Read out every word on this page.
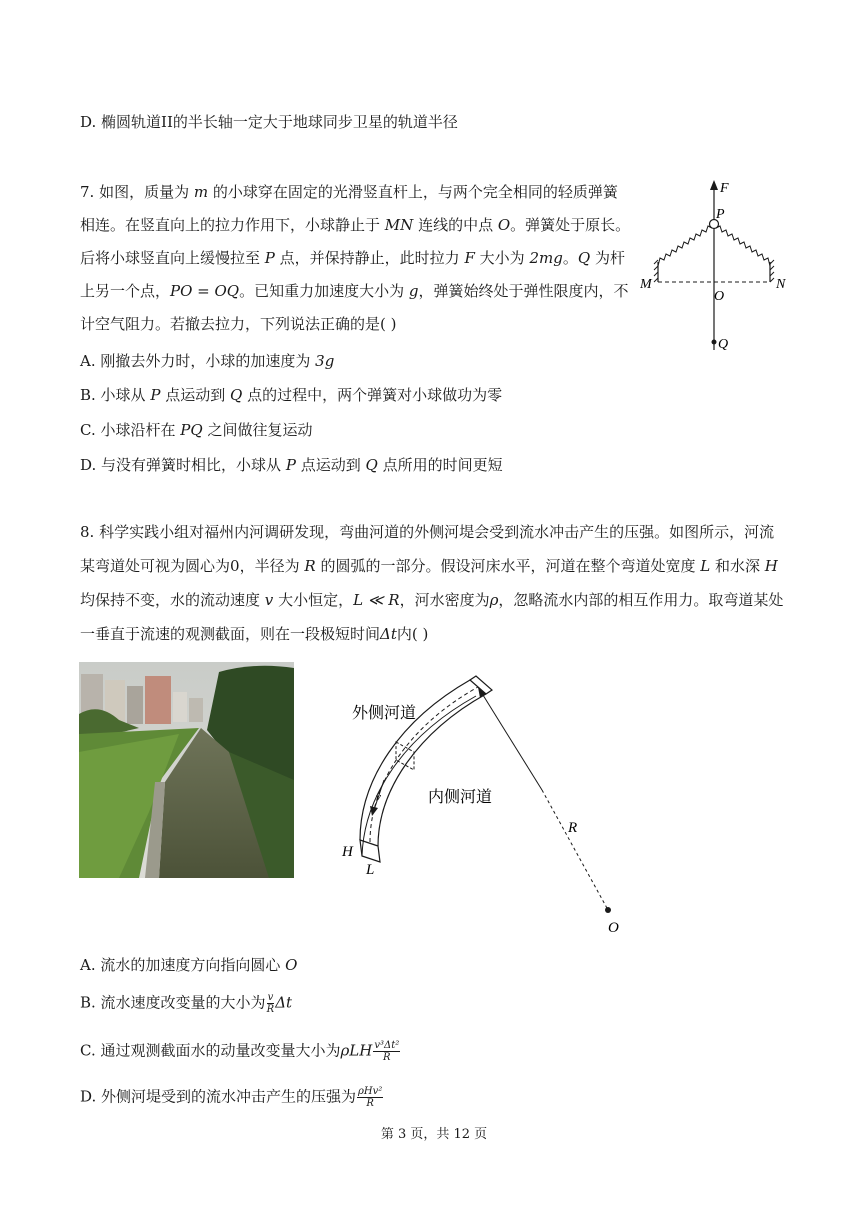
D. 椭圆轨道II的半长轴一定大于地球同步卫星的轨道半径
7. 如图，质量为 m 的小球穿在固定的光滑竖直杆上，与两个完全相同的轻质弹簧
相连。在竖直向上的拉力作用下，小球静止于 MN 连线的中点 O。弹簧处于原长。
后将小球竖直向上缓慢拉至 P 点，并保持静止，此时拉力 F 大小为 2mg。Q 为杆
上另一个点，PO = OQ。已知重力加速度大小为 g，弹簧始终处于弹性限度内，不
计空气阻力。若撤去拉力，下列说法正确的是( )
A. 刚撤去外力时，小球的加速度为 3g
B. 小球从 P 点运动到 Q 点的过程中，两个弹簧对小球做功为零
C. 小球沿杆在 PQ 之间做往复运动
D. 与没有弹簧时相比，小球从 P 点运动到 Q 点所用的时间更短
F
P
M
O
N
Q
8. 科学实践小组对福州内河调研发现，弯曲河道的外侧河堤会受到流水冲击产生的压强。如图所示，河流
某弯道处可视为圆心为0，半径为 R 的圆弧的一部分。假设河床水平，河道在整个弯道处宽度 L 和水深 H
均保持不变，水的流动速度 v 大小恒定，L ≪ R，河水密度为ρ，忽略流水内部的相互作用力。取弯道某处
一垂直于流速的观测截面，则在一段极短时间Δt内( )
外侧河道
内侧河道
R
H
L
v
O
A. 流水的加速度方向指向圆心 O
B. 流水速度改变量的大小为 $\frac{v}{R}$ Δt
C. 通过观测截面水的动量改变量大小为ρLH $\frac{\text{v³Δt²}}{R}$
D. 外侧河堤受到的流水冲击产生的压强为 $\frac{\text{ρHv²}}{R}$
第 3 页，共 12 页
